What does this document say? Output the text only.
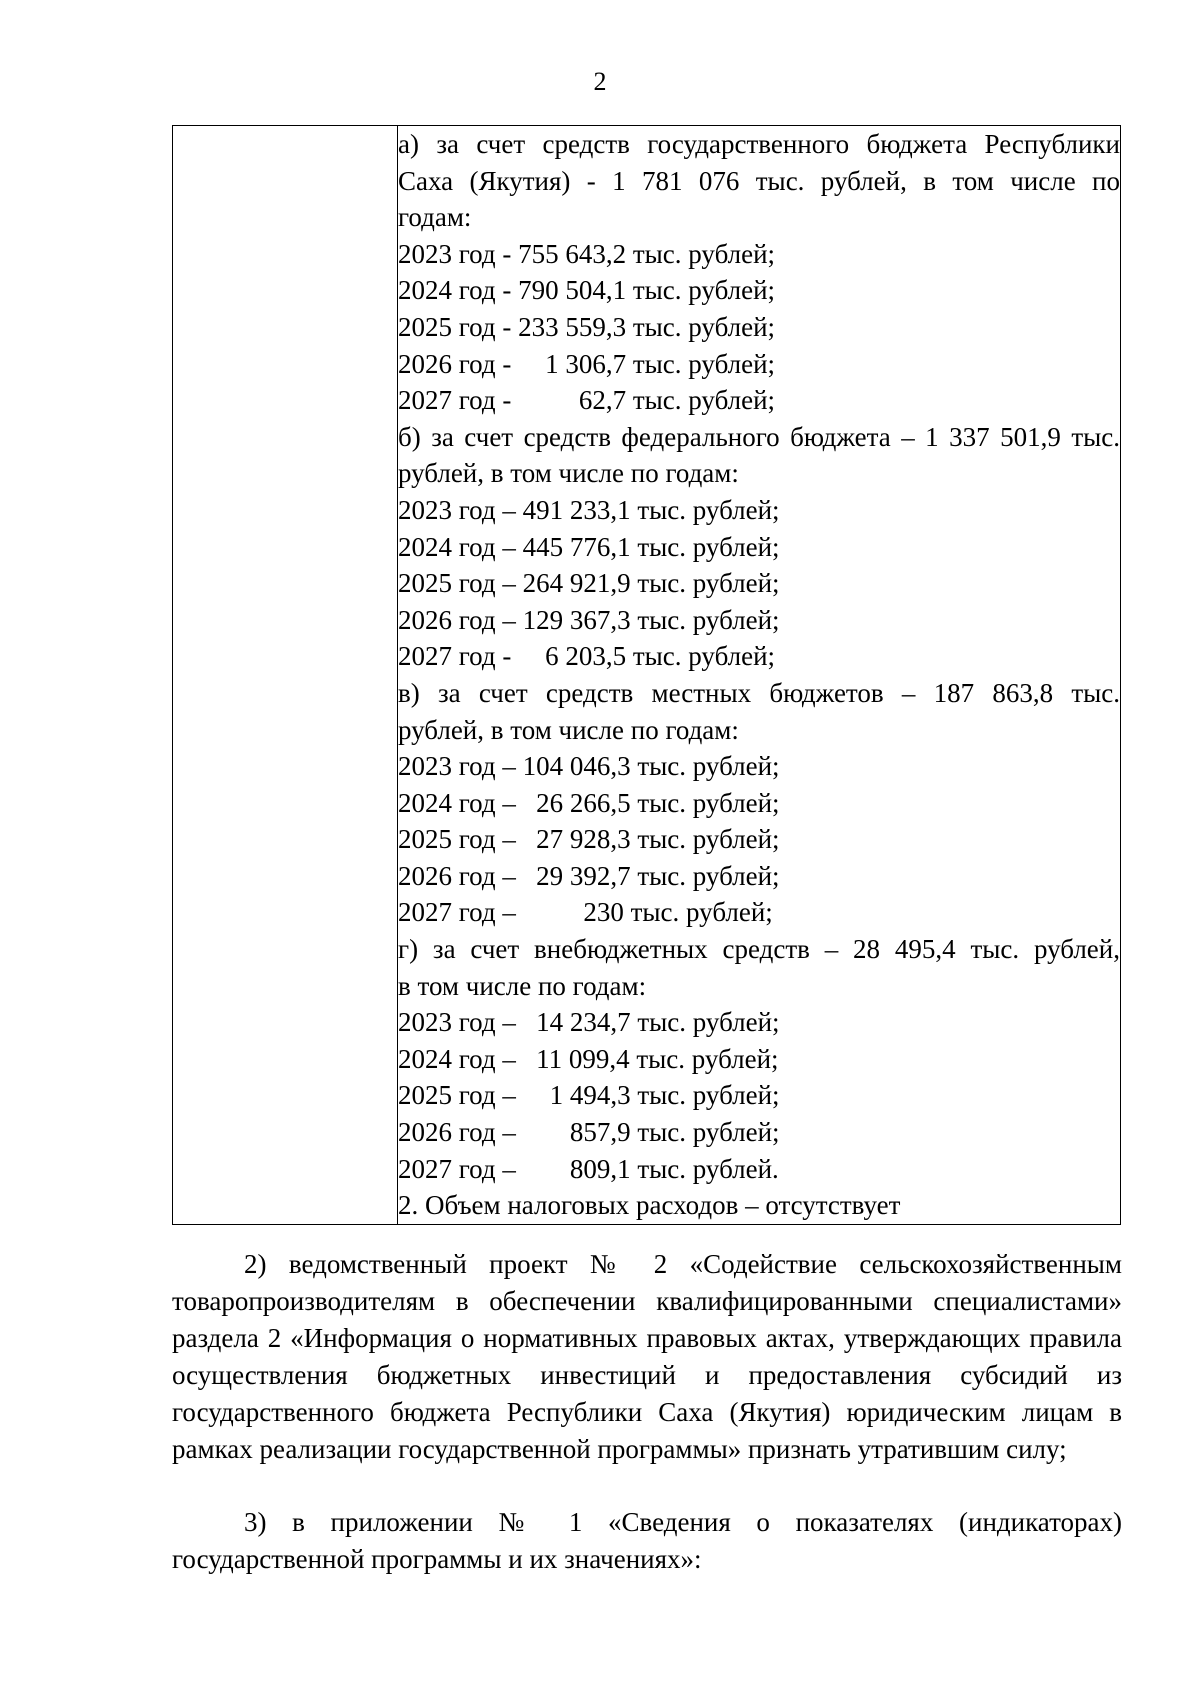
2

а) за счет средств государственного бюджета Республики
Саха (Якутия) - 1 781 076 тыс. рублей, в том числе по
годам:
2023 год - 755 643,2 тыс. рублей;
2024 год - 790 504,1 тыс. рублей;
2025 год - 233 559,3 тыс. рублей;
2026 год -     1 306,7 тыс. рублей;
2027 год -          62,7 тыс. рублей;
б) за счет средств федерального бюджета – 1 337 501,9 тыс.
рублей, в том числе по годам:
2023 год – 491 233,1 тыс. рублей;
2024 год – 445 776,1 тыс. рублей;
2025 год – 264 921,9 тыс. рублей;
2026 год – 129 367,3 тыс. рублей;
2027 год -     6 203,5 тыс. рублей;
в) за счет средств местных бюджетов – 187 863,8 тыс.
рублей, в том числе по годам:
2023 год – 104 046,3 тыс. рублей;
2024 год –   26 266,5 тыс. рублей;
2025 год –   27 928,3 тыс. рублей;
2026 год –   29 392,7 тыс. рублей;
2027 год –          230 тыс. рублей;
г) за счет внебюджетных средств – 28 495,4 тыс. рублей,
в том числе по годам:
2023 год –   14 234,7 тыс. рублей;
2024 год –   11 099,4 тыс. рублей;
2025 год –     1 494,3 тыс. рублей;
2026 год –        857,9 тыс. рублей;
2027 год –        809,1 тыс. рублей.
2. Объем налоговых расходов – отсутствует

2) ведомственный проект № 2 «Содействие сельскохозяйственным товаропроизводителям в обеспечении квалифицированными специалистами» раздела 2 «Информация о нормативных правовых актах, утверждающих правила осуществления бюджетных инвестиций и предоставления субсидий из государственного бюджета Республики Саха (Якутия) юридическим лицам в рамках реализации государственной программы» признать утратившим силу;

3) в приложении № 1 «Сведения о показателях (индикаторах) государственной программы и их значениях»:
